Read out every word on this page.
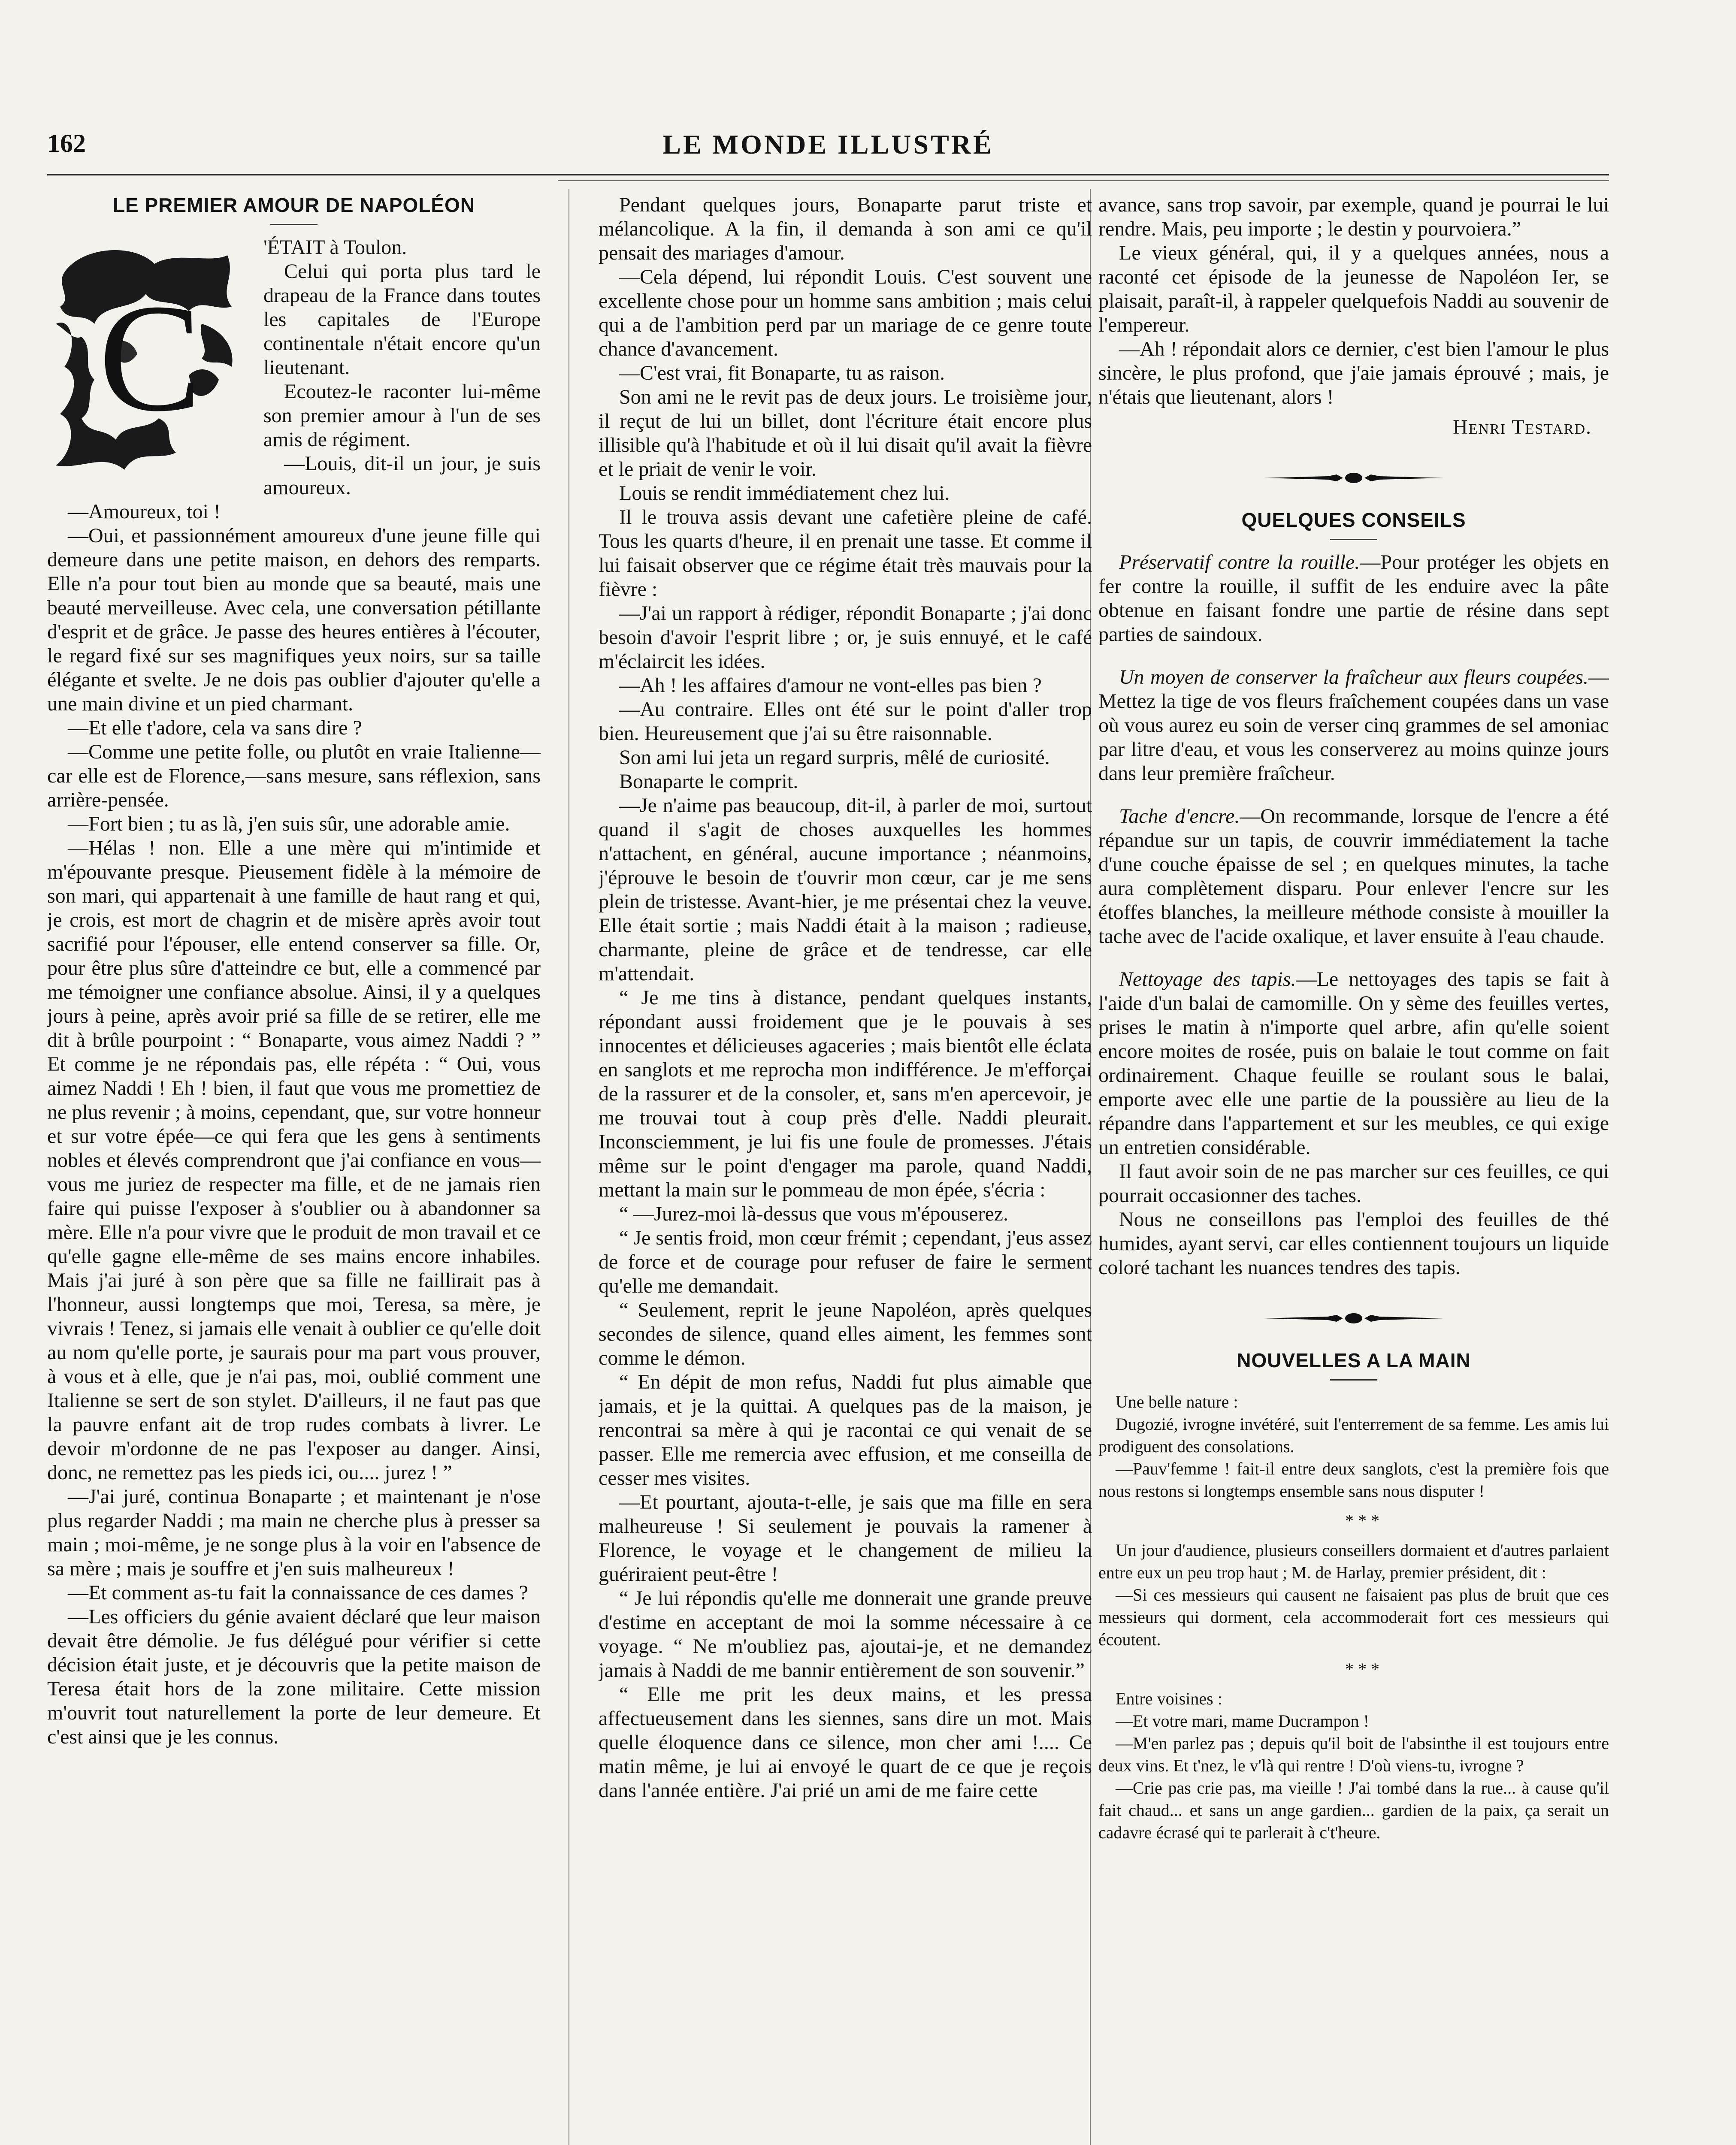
162	LE MONDE ILLUSTRÉ
LE PREMIER AMOUR DE NAPOLÉON
C

'ÉTAIT à Toulon.

Celui qui porta plus tard le drapeau de la France dans toutes les capitales de l'Europe continentale n'était encore qu'un lieutenant.

Ecoutez-le raconter lui-même son premier amour à l'un de ses amis de régiment.

—Louis, dit-il un jour, je suis amoureux.

—Amoureux, toi !

—Oui, et passionnément amoureux d'une jeune fille qui demeure dans une petite maison, en dehors des remparts. Elle n'a pour tout bien au monde que sa beauté, mais une beauté merveilleuse. Avec cela, une conversation pétillante d'esprit et de grâce. Je passe des heures entières à l'écouter, le regard fixé sur ses magnifiques yeux noirs, sur sa taille élégante et svelte. Je ne dois pas oublier d'ajouter qu'elle a une main divine et un pied charmant.

—Et elle t'adore, cela va sans dire ?

—Comme une petite folle, ou plutôt en vraie Italienne—car elle est de Florence,—sans mesure, sans réflexion, sans arrière-pensée.

—Fort bien ; tu as là, j'en suis sûr, une adorable amie.

—Hélas ! non. Elle a une mère qui m'intimide et m'épouvante presque. Pieusement fidèle à la mémoire de son mari, qui appartenait à une famille de haut rang et qui, je crois, est mort de chagrin et de misère après avoir tout sacrifié pour l'épouser, elle entend conserver sa fille. Or, pour être plus sûre d'atteindre ce but, elle a commencé par me témoigner une confiance absolue. Ainsi, il y a quelques jours à peine, après avoir prié sa fille de se retirer, elle me dit à brûle pourpoint : “ Bonaparte, vous aimez Naddi ? ” Et comme je ne répondais pas, elle répéta : “ Oui, vous aimez Naddi ! Eh ! bien, il faut que vous me promettiez de ne plus revenir ; à moins, cependant, que, sur votre honneur et sur votre épée—ce qui fera que les gens à sentiments nobles et élevés comprendront que j'ai confiance en vous—vous me juriez de respecter ma fille, et de ne jamais rien faire qui puisse l'exposer à s'oublier ou à abandonner sa mère. Elle n'a pour vivre que le produit de mon travail et ce qu'elle gagne elle-même de ses mains encore inhabiles. Mais j'ai juré à son père que sa fille ne faillirait pas à l'honneur, aussi longtemps que moi, Teresa, sa mère, je vivrais ! Tenez, si jamais elle venait à oublier ce qu'elle doit au nom qu'elle porte, je saurais pour ma part vous prouver, à vous et à elle, que je n'ai pas, moi, oublié comment une Italienne se sert de son stylet. D'ailleurs, il ne faut pas que la pauvre enfant ait de trop rudes combats à livrer. Le devoir m'ordonne de ne pas l'exposer au danger. Ainsi, donc, ne remettez pas les pieds ici, ou.... jurez ! ”

—J'ai juré, continua Bonaparte ; et maintenant je n'ose plus regarder Naddi ; ma main ne cherche plus à presser sa main ; moi-même, je ne songe plus à la voir en l'absence de sa mère ; mais je souffre et j'en suis malheureux !

—Et comment as-tu fait la connaissance de ces dames ?

—Les officiers du génie avaient déclaré que leur maison devait être démolie. Je fus délégué pour vérifier si cette décision était juste, et je découvris que la petite maison de Teresa était hors de la zone militaire. Cette mission m'ouvrit tout naturellement la porte de leur demeure. Et c'est ainsi que je les connus.

Pendant quelques jours, Bonaparte parut triste et mélancolique. A la fin, il demanda à son ami ce qu'il pensait des mariages d'amour.

—Cela dépend, lui répondit Louis. C'est souvent une excellente chose pour un homme sans ambition ; mais celui qui a de l'ambition perd par un mariage de ce genre toute chance d'avancement.

—C'est vrai, fit Bonaparte, tu as raison.

Son ami ne le revit pas de deux jours. Le troisième jour, il reçut de lui un billet, dont l'écriture était encore plus illisible qu'à l'habitude et où il lui disait qu'il avait la fièvre et le priait de venir le voir.

Louis se rendit immédiatement chez lui.

Il le trouva assis devant une cafetière pleine de café. Tous les quarts d'heure, il en prenait une tasse. Et comme il lui faisait observer que ce régime était très mauvais pour la fièvre :

—J'ai un rapport à rédiger, répondit Bonaparte ; j'ai donc besoin d'avoir l'esprit libre ; or, je suis ennuyé, et le café m'éclaircit les idées.

—Ah ! les affaires d'amour ne vont-elles pas bien ?

—Au contraire. Elles ont été sur le point d'aller trop bien. Heureusement que j'ai su être raisonnable.

Son ami lui jeta un regard surpris, mêlé de curiosité.

Bonaparte le comprit.

—Je n'aime pas beaucoup, dit-il, à parler de moi, surtout quand il s'agit de choses auxquelles les hommes n'attachent, en général, aucune importance ; néanmoins, j'éprouve le besoin de t'ouvrir mon cœur, car je me sens plein de tristesse. Avant-hier, je me présentai chez la veuve. Elle était sortie ; mais Naddi était à la maison ; radieuse, charmante, pleine de grâce et de tendresse, car elle m'attendait.

“ Je me tins à distance, pendant quelques instants, répondant aussi froidement que je le pouvais à ses innocentes et délicieuses agaceries ; mais bientôt elle éclata en sanglots et me reprocha mon indifférence. Je m'efforçai de la rassurer et de la consoler, et, sans m'en apercevoir, je me trouvai tout à coup près d'elle. Naddi pleurait. Inconsciemment, je lui fis une foule de promesses. J'étais même sur le point d'engager ma parole, quand Naddi, mettant la main sur le pommeau de mon épée, s'écria :

“ —Jurez-moi là-dessus que vous m'épouserez.

“ Je sentis froid, mon cœur frémit ; cependant, j'eus assez de force et de courage pour refuser de faire le serment qu'elle me demandait.

“ Seulement, reprit le jeune Napoléon, après quelques secondes de silence, quand elles aiment, les femmes sont comme le démon.

“ En dépit de mon refus, Naddi fut plus aimable que jamais, et je la quittai. A quelques pas de la maison, je rencontrai sa mère à qui je racontai ce qui venait de se passer. Elle me remercia avec effusion, et me conseilla de cesser mes visites.

—Et pourtant, ajouta-t-elle, je sais que ma fille en sera malheureuse ! Si seulement je pouvais la ramener à Florence, le voyage et le changement de milieu la guériraient peut-être !

“ Je lui répondis qu'elle me donnerait une grande preuve d'estime en acceptant de moi la somme nécessaire à ce voyage. “ Ne m'oubliez pas, ajoutai-je, et ne demandez jamais à Naddi de me bannir entièrement de son souvenir.”

“ Elle me prit les deux mains, et les pressa affectueusement dans les siennes, sans dire un mot. Mais quelle éloquence dans ce silence, mon cher ami !.... Ce matin même, je lui ai envoyé le quart de ce que je reçois dans l'année entière. J'ai prié un ami de me faire cette

avance, sans trop savoir, par exemple, quand je pourrai le lui rendre. Mais, peu importe ; le destin y pourvoiera.”

Le vieux général, qui, il y a quelques années, nous a raconté cet épisode de la jeunesse de Napoléon Ier, se plaisait, paraît-il, à rappeler quelquefois Naddi au souvenir de l'empereur.

—Ah ! répondait alors ce dernier, c'est bien l'amour le plus sincère, le plus profond, que j'aie jamais éprouvé ; mais, je n'étais que lieutenant, alors !

Henri Testard.

QUELQUES CONSEILS

Préservatif contre la rouille.—Pour protéger les objets en fer contre la rouille, il suffit de les enduire avec la pâte obtenue en faisant fondre une partie de résine dans sept parties de saindoux.

Un moyen de conserver la fraîcheur aux fleurs coupées.—Mettez la tige de vos fleurs fraîchement coupées dans un vase où vous aurez eu soin de verser cinq grammes de sel amoniac par litre d'eau, et vous les conserverez au moins quinze jours dans leur première fraîcheur.

Tache d'encre.—On recommande, lorsque de l'encre a été répandue sur un tapis, de couvrir immédiatement la tache d'une couche épaisse de sel ; en quelques minutes, la tache aura complètement disparu. Pour enlever l'encre sur les étoffes blanches, la meilleure méthode consiste à mouiller la tache avec de l'acide oxalique, et laver ensuite à l'eau chaude.

Nettoyage des tapis.—Le nettoyages des tapis se fait à l'aide d'un balai de camomille. On y sème des feuilles vertes, prises le matin à n'importe quel arbre, afin qu'elle soient encore moites de rosée, puis on balaie le tout comme on fait ordinairement. Chaque feuille se roulant sous le balai, emporte avec elle une partie de la poussière au lieu de la répandre dans l'appartement et sur les meubles, ce qui exige un entretien considérable.

Il faut avoir soin de ne pas marcher sur ces feuilles, ce qui pourrait occasionner des taches.

Nous ne conseillons pas l'emploi des feuilles de thé humides, ayant servi, car elles contiennent toujours un liquide coloré tachant les nuances tendres des tapis.

NOUVELLES A LA MAIN

Une belle nature :

Dugozié, ivrogne invétéré, suit l'enterrement de sa femme. Les amis lui prodiguent des consolations.

—Pauv'femme ! fait-il entre deux sanglots, c'est la première fois que nous restons si longtemps ensemble sans nous disputer !

* * *

Un jour d'audience, plusieurs conseillers dormaient et d'autres parlaient entre eux un peu trop haut ; M. de Harlay, premier président, dit :

—Si ces messieurs qui causent ne faisaient pas plus de bruit que ces messieurs qui dorment, cela accommoderait fort ces messieurs qui écoutent.

* * *

Entre voisines :

—Et votre mari, mame Ducrampon !

—M'en parlez pas ; depuis qu'il boit de l'absinthe il est toujours entre deux vins. Et t'nez, le v'là qui rentre ! D'où viens-tu, ivrogne ?

—Crie pas crie pas, ma vieille ! J'ai tombé dans la rue... à cause qu'il fait chaud... et sans un ange gardien... gardien de la paix, ça serait un cadavre écrasé qui te parlerait à c't'heure.
